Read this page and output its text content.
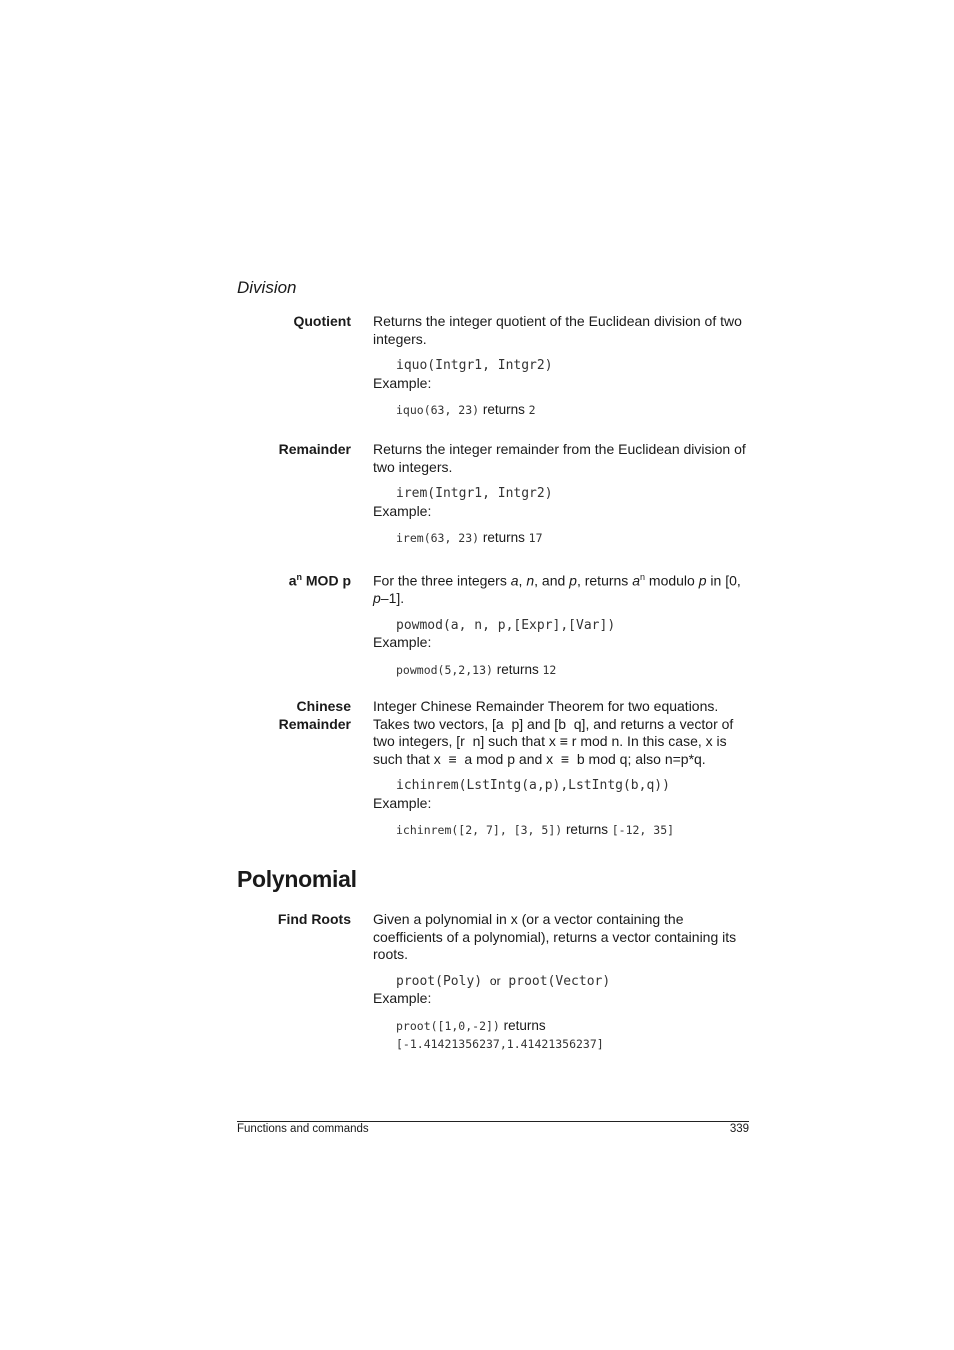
Division
Quotient Returns the integer quotient of the Euclidean division of two integers.

iquo(Intgr1, Intgr2)

Example:

iquo(63, 23) returns 2
Remainder Returns the integer remainder from the Euclidean division of two integers.

irem(Intgr1, Intgr2)

Example:

irem(63, 23) returns 17
$a^n$ MOD p For the three integers a, n, and p, returns $a^n$ modulo p in [0, p–1].

powmod(a, n, p,[Expr],[Var])

Example:

powmod(5,2,13) returns 12
Chinese
Remainder

Integer Chinese Remainder Theorem for two equations. Takes two vectors, [a  p] and [b  q], and returns a vector of two integers, [r  n] such that x ≡ r mod n. In this case, x is such that x  ≡  a mod p and x  ≡  b mod q; also n=p*q.

ichinrem(LstIntg(a,p),LstIntg(b,q))

Example:

ichinrem([2, 7], [3, 5]) returns [-12, 35]
Polynomial
Find Roots Given a polynomial in x (or a vector containing the coefficients of a polynomial), returns a vector containing its roots.

proot(Poly) or proot(Vector)

Example:

proot([1,0,-2]) returns
[-1.41421356237,1.41421356237]
Functions and commands	339
